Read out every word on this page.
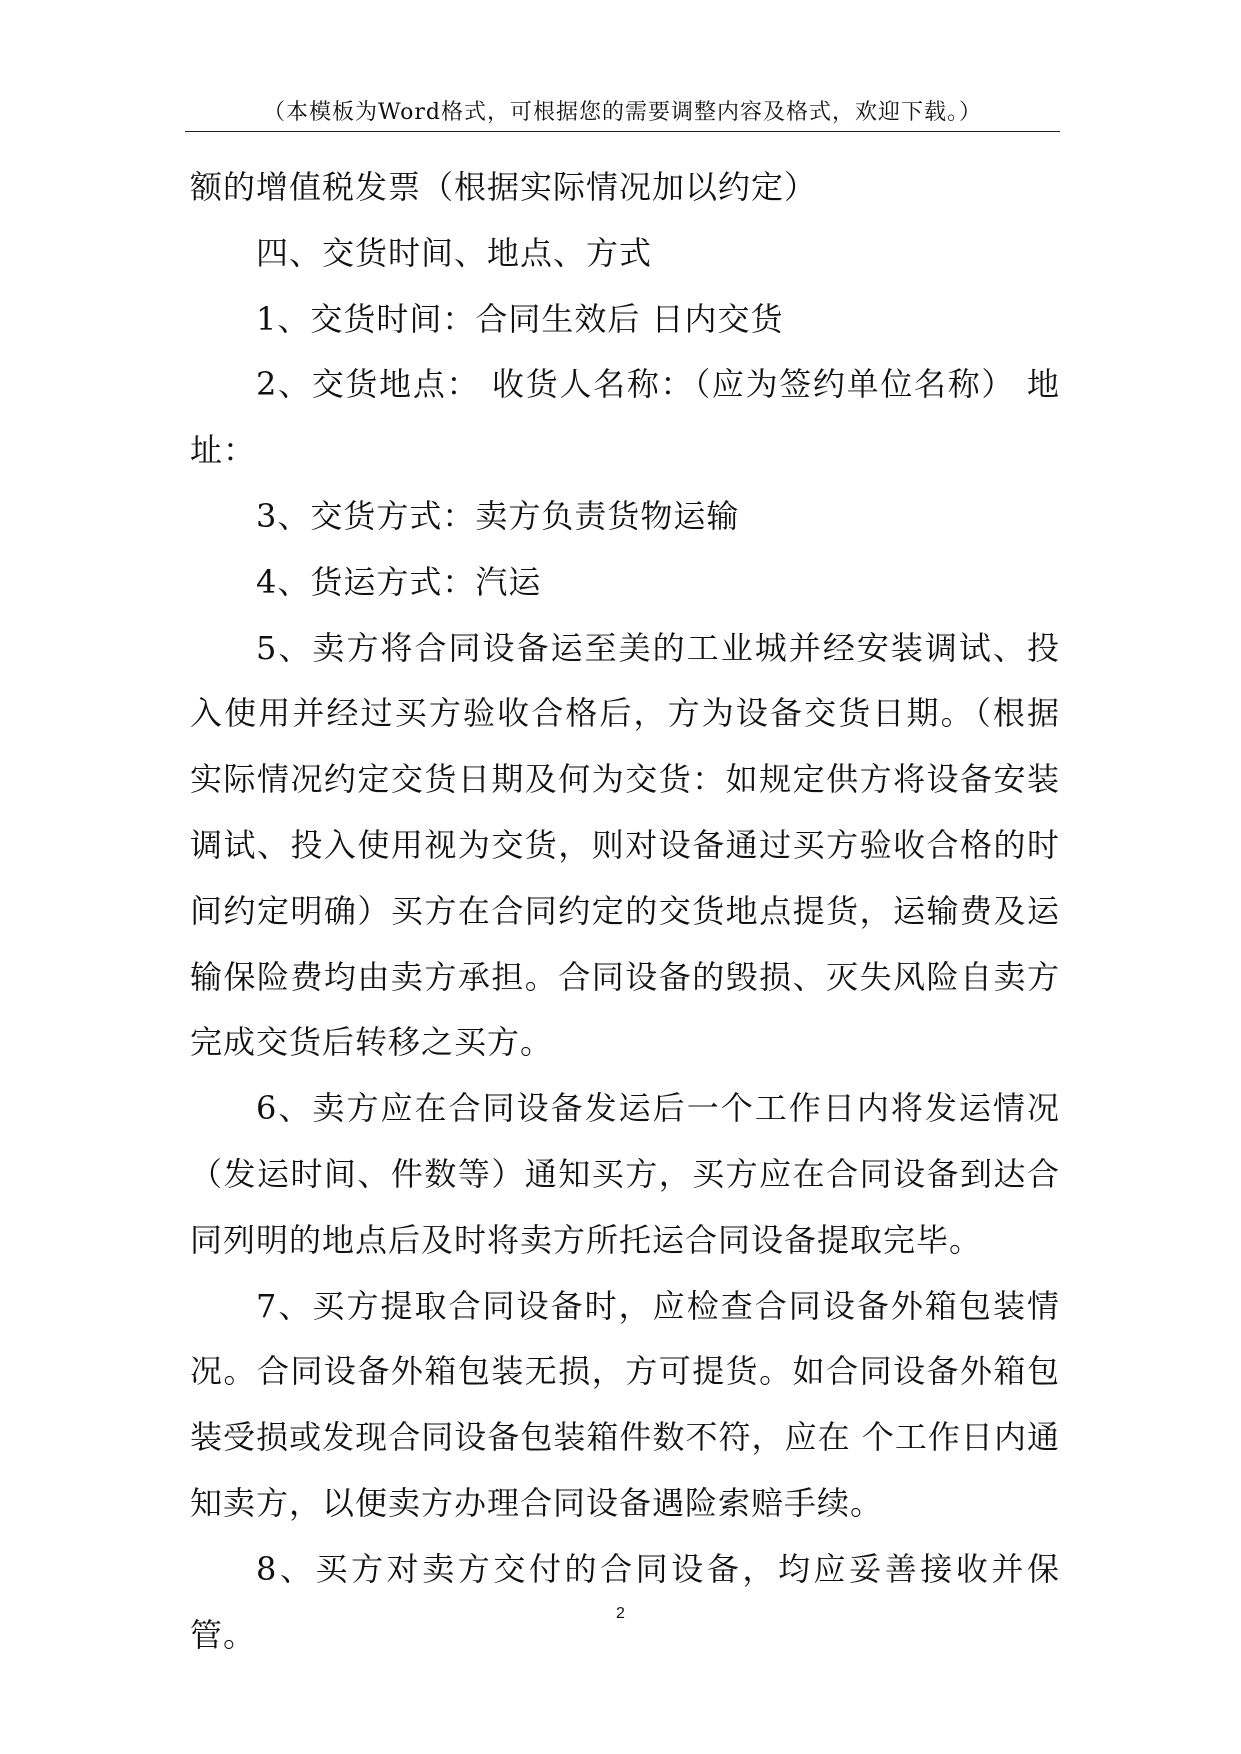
（本模板为Word格式，可根据您的需要调整内容及格式，欢迎下载。）

额的增值税发票（根据实际情况加以约定）

四、交货时间、地点、方式

1、交货时间：合同生效后 日内交货

2、交货地点： 收货人名称：（应为签约单位名称） 地址：

3、交货方式：卖方负责货物运输

4、货运方式：汽运

5、卖方将合同设备运至美的工业城并经安装调试、投入使用并经过买方验收合格后，方为设备交货日期。（根据实际情况约定交货日期及何为交货：如规定供方将设备安装调试、投入使用视为交货，则对设备通过买方验收合格的时间约定明确）买方在合同约定的交货地点提货，运输费及运输保险费均由卖方承担。合同设备的毁损、灭失风险自卖方完成交货后转移之买方。

6、卖方应在合同设备发运后一个工作日内将发运情况（发运时间、件数等）通知买方，买方应在合同设备到达合同列明的地点后及时将卖方所托运合同设备提取完毕。

7、买方提取合同设备时，应检查合同设备外箱包装情况。合同设备外箱包装无损，方可提货。如合同设备外箱包装受损或发现合同设备包装箱件数不符，应在 个工作日内通知卖方，以便卖方办理合同设备遇险索赔手续。

8、买方对卖方交付的合同设备，均应妥善接收并保管。

2
